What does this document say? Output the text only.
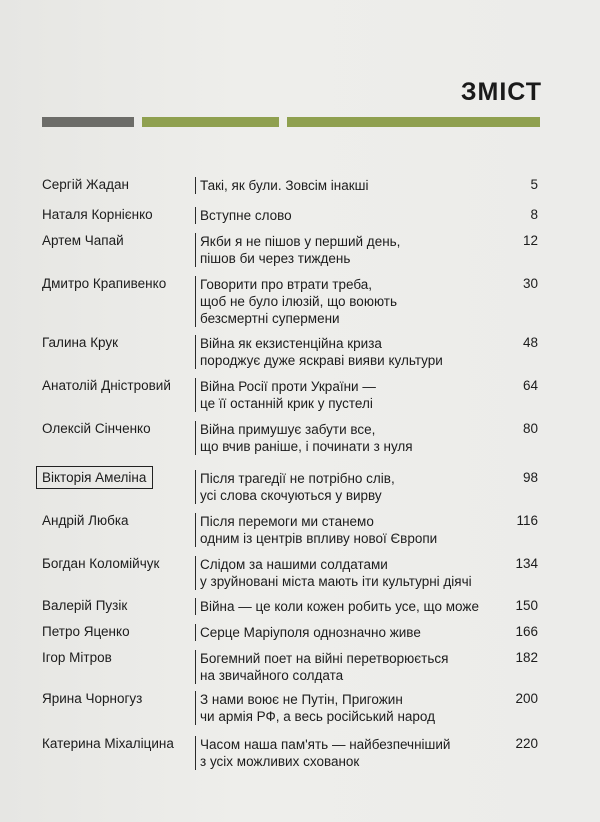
ЗМІСТ
Сергій Жадан	Такі, як були. Зовсім інакші	5
Наталя Корнієнко	Вступне слово	8
Артем Чапай	Якби я не пішов у перший день,
пішов би через тиждень
12
Дмитро Крапивенко	Говорити про втрати треба,
щоб не було ілюзій, що воюють
безсмертні супермени
30
Галина Крук	Війна як екзистенційна криза
породжує дуже яскраві вияви культури
48
Анатолій Дністровий Війна Росії проти України —
це її останній крик у пустелі
64
Олексій Сінченко	Війна примушує забути все,
що вчив раніше, і починати з нуля
80
Вікторія Амеліна	Після трагедії не потрібно слів,
усі слова скочуються у вирву
98
Андрій Любка	Після перемоги ми станемо
одним із центрів впливу нової Європи
116
Богдан Коломійчук	Слідом за нашими солдатами
у зруйновані міста мають іти культурні діячі
134
Валерій Пузік	Війна — це коли кожен робить усе, що може	150
Петро Яценко	Серце Маріуполя однозначно живе	166
Ігор Мітров	Богемний поет на війні перетворюється
на звичайного солдата
182
Ярина Чорногуз	З нами воює не Путін, Пригожин
чи армія РФ, а весь російський народ
200
Катерина Міхаліцина Часом наша пам'ять — найбезпечніший
з усіх можливих схованок
220
